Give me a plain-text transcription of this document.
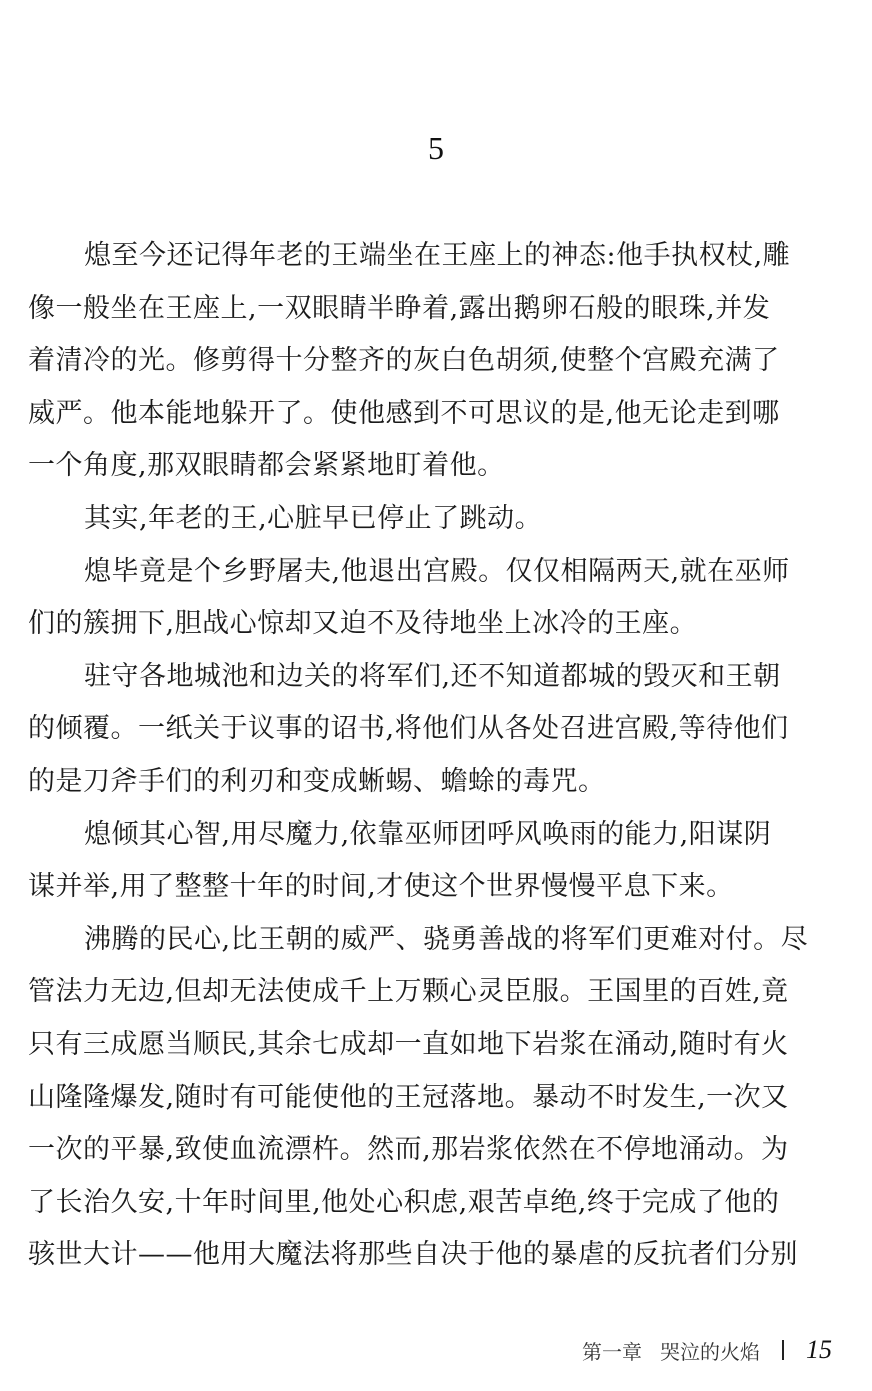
5
熄至今还记得年老的王端坐在王座上的神态:他手执权杖,雕
像一般坐在王座上,一双眼睛半睁着,露出鹅卵石般的眼珠,并发
着清冷的光。修剪得十分整齐的灰白色胡须,使整个宫殿充满了
威严。他本能地躲开了。使他感到不可思议的是,他无论走到哪
一个角度,那双眼睛都会紧紧地盯着他。
其实,年老的王,心脏早已停止了跳动。
熄毕竟是个乡野屠夫,他退出宫殿。仅仅相隔两天,就在巫师
们的簇拥下,胆战心惊却又迫不及待地坐上冰冷的王座。
驻守各地城池和边关的将军们,还不知道都城的毁灭和王朝
的倾覆。一纸关于议事的诏书,将他们从各处召进宫殿,等待他们
的是刀斧手们的利刃和变成蜥蜴、蟾蜍的毒咒。
熄倾其心智,用尽魔力,依靠巫师团呼风唤雨的能力,阳谋阴
谋并举,用了整整十年的时间,才使这个世界慢慢平息下来。
沸腾的民心,比王朝的威严、骁勇善战的将军们更难对付。尽
管法力无边,但却无法使成千上万颗心灵臣服。王国里的百姓,竟
只有三成愿当顺民,其余七成却一直如地下岩浆在涌动,随时有火
山隆隆爆发,随时有可能使他的王冠落地。暴动不时发生,一次又
一次的平暴,致使血流漂杵。然而,那岩浆依然在不停地涌动。为
了长治久安,十年时间里,他处心积虑,艰苦卓绝,终于完成了他的
骇世大计——他用大魔法将那些自决于他的暴虐的反抗者们分别
第一章 哭泣的火焰 15
